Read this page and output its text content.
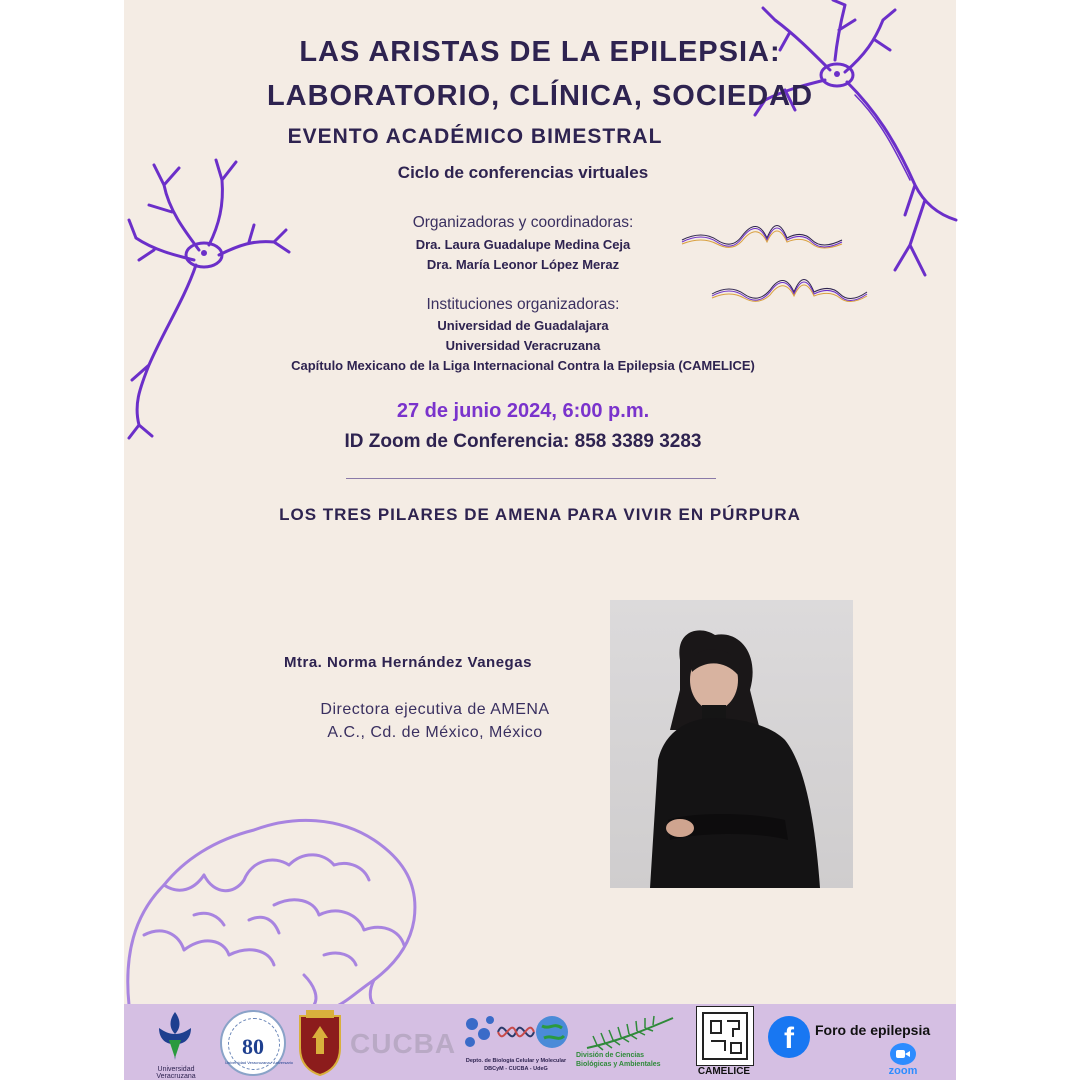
LAS ARISTAS DE LA EPILEPSIA:
LABORATORIO, CLÍNICA, SOCIEDAD
EVENTO ACADÉMICO BIMESTRAL
Ciclo de conferencias virtuales
Organizadoras y coordinadoras:
Dra. Laura Guadalupe Medina Ceja
Dra. María Leonor López Meraz
Instituciones organizadoras:
Universidad de Guadalajara
Universidad Veracruzana
Capítulo Mexicano de la Liga Internacional Contra la Epilepsia (CAMELICE)
27 de junio 2024, 6:00 p.m.
ID Zoom de Conferencia: 858 3389 3283
LOS TRES PILARES DE AMENA PARA VIVIR EN PÚRPURA
Mtra. Norma Hernández Vanegas
Directora ejecutiva de AMENA
A.C., Cd. de México, México
Universidad Veracruzana
80
Universidad Veracruzana · Aniversario
CUCBA
Depto. de Biología Celular y Molecular
DBCyM - CUCBA - UdeG
División de Ciencias
Biológicas y Ambientales
CAMELICE
f	Foro de epilepsia
zoom
